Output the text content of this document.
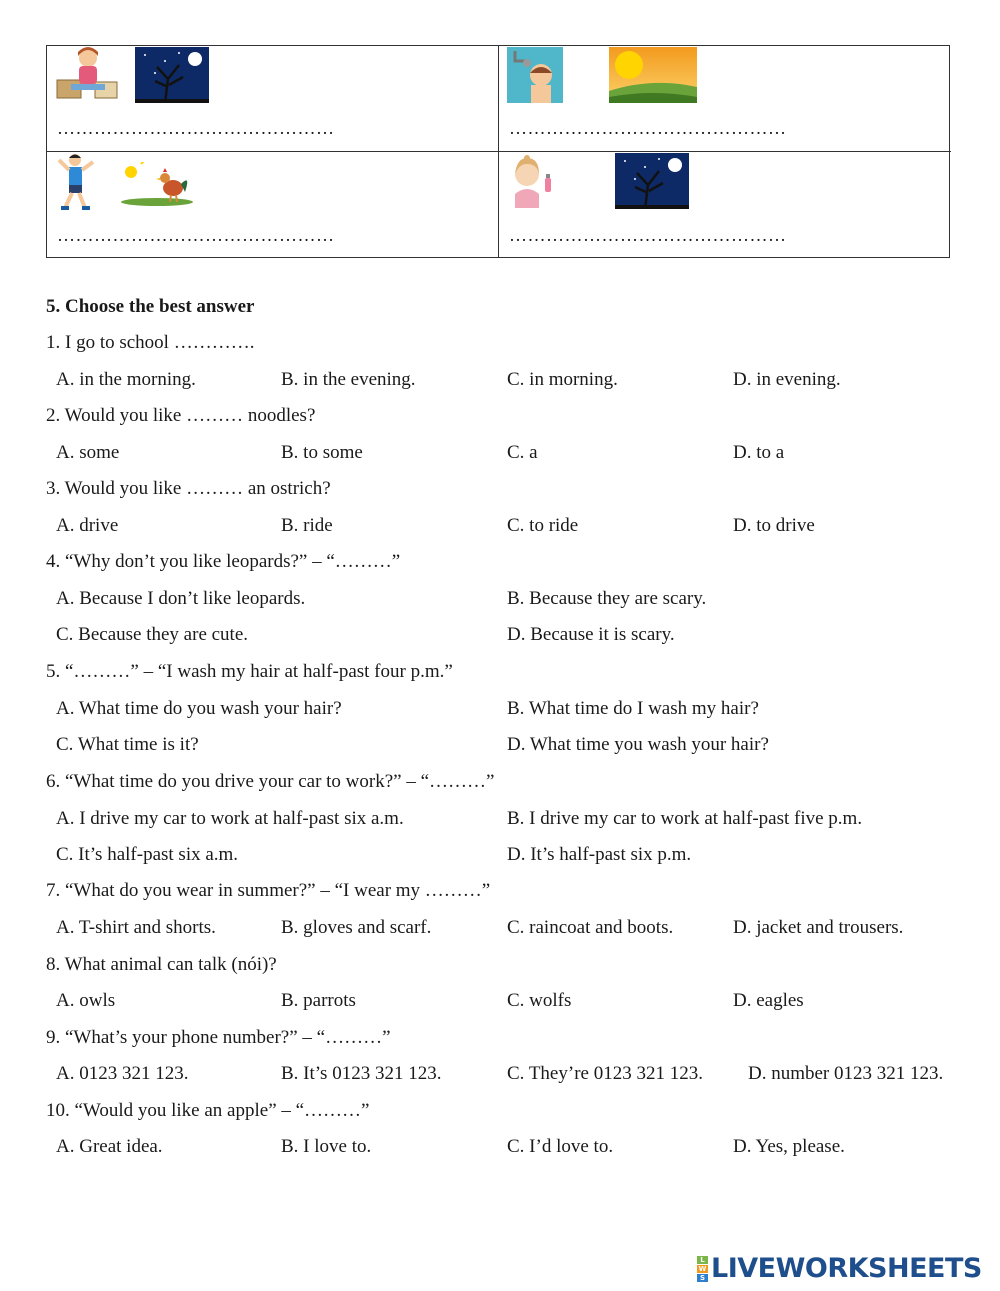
………………………………………	………………………………………
………………………………………	………………………………………
5. Choose the best answer
1. I go to school ………….
A. in the morning.	B. in the evening.	C. in morning.	D. in evening.
2. Would you like ……… noodles?
A. some	B. to some	C. a	D. to a
3. Would you like ……… an ostrich?
A. drive	B. ride	C. to ride	D. to drive
4. “Why don’t you like leopards?” – “………”
A. Because I don’t like leopards.	B. Because they are scary.
C. Because they are cute.	D. Because it is scary.
5. “………” – “I wash my hair at half-past four p.m.”
A. What time do you wash your hair?	B. What time do I wash my hair?
C. What time is it?	D. What time you wash your hair?
6. “What time do you drive your car to work?” – “………”
A. I drive my car to work at half-past six a.m.	B. I drive my car to work at half-past five p.m.
C. It’s half-past six a.m.	D. It’s half-past six p.m.
7. “What do you wear in summer?” – “I wear my ………”
A. T-shirt and shorts.	B. gloves and scarf.	C. raincoat and boots.	D. jacket and trousers.
8. What animal can talk (nói)?
A. owls	B. parrots	C. wolfs	D. eagles
9. “What’s your phone number?” – “………”
A. 0123 321 123.	B. It’s 0123 321 123.	C. They’re 0123 321 123. D. number 0123 321 123.
10. “Would you like an apple” – “………”
A. Great idea.	B. I love to.	C. I’d love to.	D. Yes, please.
L
W
S LIVEWORKSHEETS
